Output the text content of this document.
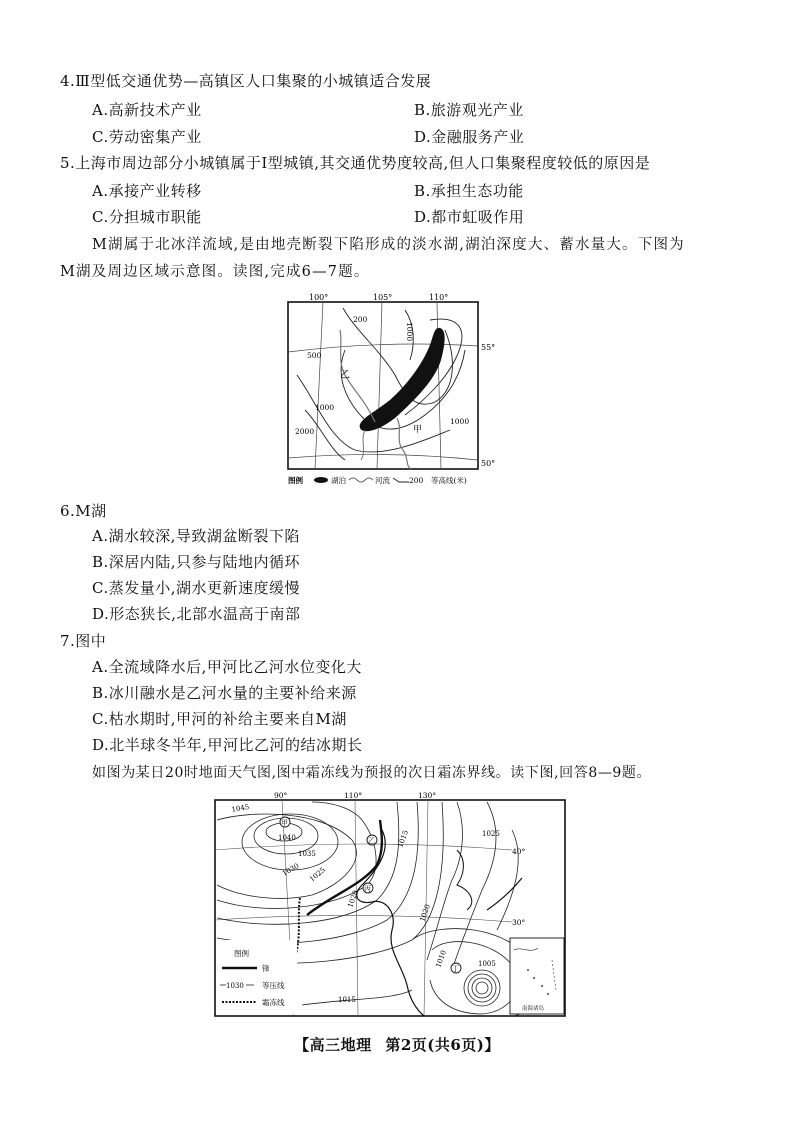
4.Ⅲ型低交通优势—高镇区人口集聚的小城镇适合发展
A.高新技术产业	B.旅游观光产业
C.劳动密集产业	D.金融服务产业
5.上海市周边部分小城镇属于Ⅰ型城镇,其交通优势度较高,但人口集聚程度较低的原因是
A.承接产业转移	B.承担生态功能
C.分担城市职能	D.都市虹吸作用
M湖属于北冰洋流域,是由地壳断裂下陷形成的淡水湖,湖泊深度大、蓄水量大。下图为
M湖及周边区域示意图。读图,完成6—7题。
100°	105°	110°
55°
50°
200
1000
500
1000
2000
1000
乙
甲
图例	湖泊	河流	200 等高线(米)
6.M湖
A.湖水较深,导致湖盆断裂下陷
B.深居内陆,只参与陆地内循环
C.蒸发量小,湖水更新速度缓慢
D.形态狭长,北部水温高于南部
7.图中
A.全流域降水后,甲河比乙河水位变化大
B.冰川融水是乙河水量的主要补给来源
C.枯水期时,甲河的补给主要来自M湖
D.北半球冬半年,甲河比乙河的结冰期长
如图为某日20时地面天气图,图中霜冻线为预报的次日霜冻界线。读下图,回答8—9题。
甲
乙
丙
丁
90°	110°	130°
40°
30°
1045
1040
1035
1030 1025
1020
1015	1025
1020
1010	1005
1015
图例
锋
1030 等压线
霜冻线
南海诸岛
【高三地理 第2页(共6页)】
